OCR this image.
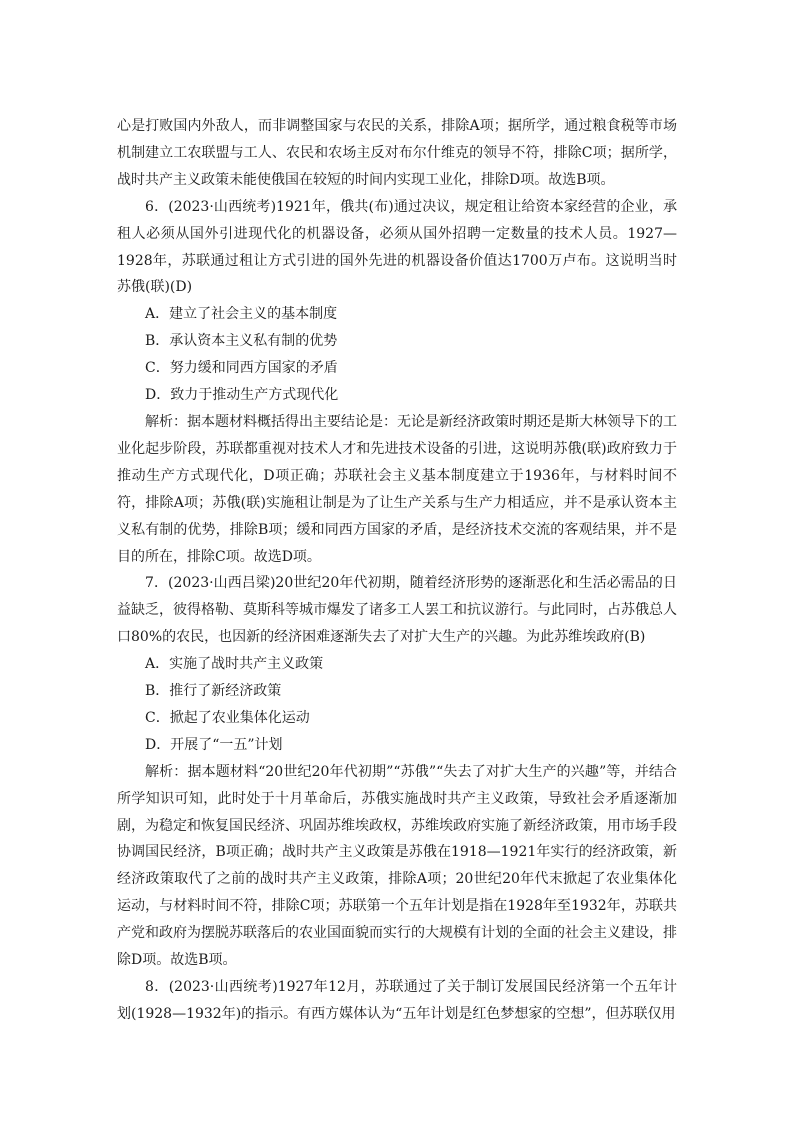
心是打败国内外敌人，而非调整国家与农民的关系，排除A项；据所学，通过粮食税等市场机制建立工农联盟与工人、农民和农场主反对布尔什维克的领导不符，排除C项；据所学，战时共产主义政策未能使俄国在较短的时间内实现工业化，排除D项。故选B项。

6．(2023·山西统考)1921年，俄共(布)通过决议，规定租让给资本家经营的企业，承租人必须从国外引进现代化的机器设备，必须从国外招聘一定数量的技术人员。1927—1928年，苏联通过租让方式引进的国外先进的机器设备价值达1700万卢布。这说明当时苏俄(联)(D)

A．建立了社会主义的基本制度

B．承认资本主义私有制的优势

C．努力缓和同西方国家的矛盾

D．致力于推动生产方式现代化

解析：据本题材料概括得出主要结论是：无论是新经济政策时期还是斯大林领导下的工业化起步阶段，苏联都重视对技术人才和先进技术设备的引进，这说明苏俄(联)政府致力于推动生产方式现代化，D项正确；苏联社会主义基本制度建立于1936年，与材料时间不符，排除A项；苏俄(联)实施租让制是为了让生产关系与生产力相适应，并不是承认资本主义私有制的优势，排除B项；缓和同西方国家的矛盾，是经济技术交流的客观结果，并不是目的所在，排除C项。故选D项。

7．(2023·山西吕梁)20世纪20年代初期，随着经济形势的逐渐恶化和生活必需品的日益缺乏，彼得格勒、莫斯科等城市爆发了诸多工人罢工和抗议游行。与此同时，占苏俄总人口80%的农民，也因新的经济困难逐渐失去了对扩大生产的兴趣。为此苏维埃政府(B)

A．实施了战时共产主义政策

B．推行了新经济政策

C．掀起了农业集体化运动

D．开展了“一五”计划

解析：据本题材料“20世纪20年代初期”“苏俄”“失去了对扩大生产的兴趣”等，并结合所学知识可知，此时处于十月革命后，苏俄实施战时共产主义政策，导致社会矛盾逐渐加剧，为稳定和恢复国民经济、巩固苏维埃政权，苏维埃政府实施了新经济政策，用市场手段协调国民经济，B项正确；战时共产主义政策是苏俄在1918—1921年实行的经济政策，新经济政策取代了之前的战时共产主义政策，排除A项；20世纪20年代末掀起了农业集体化运动，与材料时间不符，排除C项；苏联第一个五年计划是指在1928年至1932年，苏联共产党和政府为摆脱苏联落后的农业国面貌而实行的大规模有计划的全面的社会主义建设，排除D项。故选B项。

8．(2023·山西统考)1927年12月，苏联通过了关于制订发展国民经济第一个五年计划(1928—1932年)的指示。有西方媒体认为“五年计划是红色梦想家的空想”，但苏联仅用
